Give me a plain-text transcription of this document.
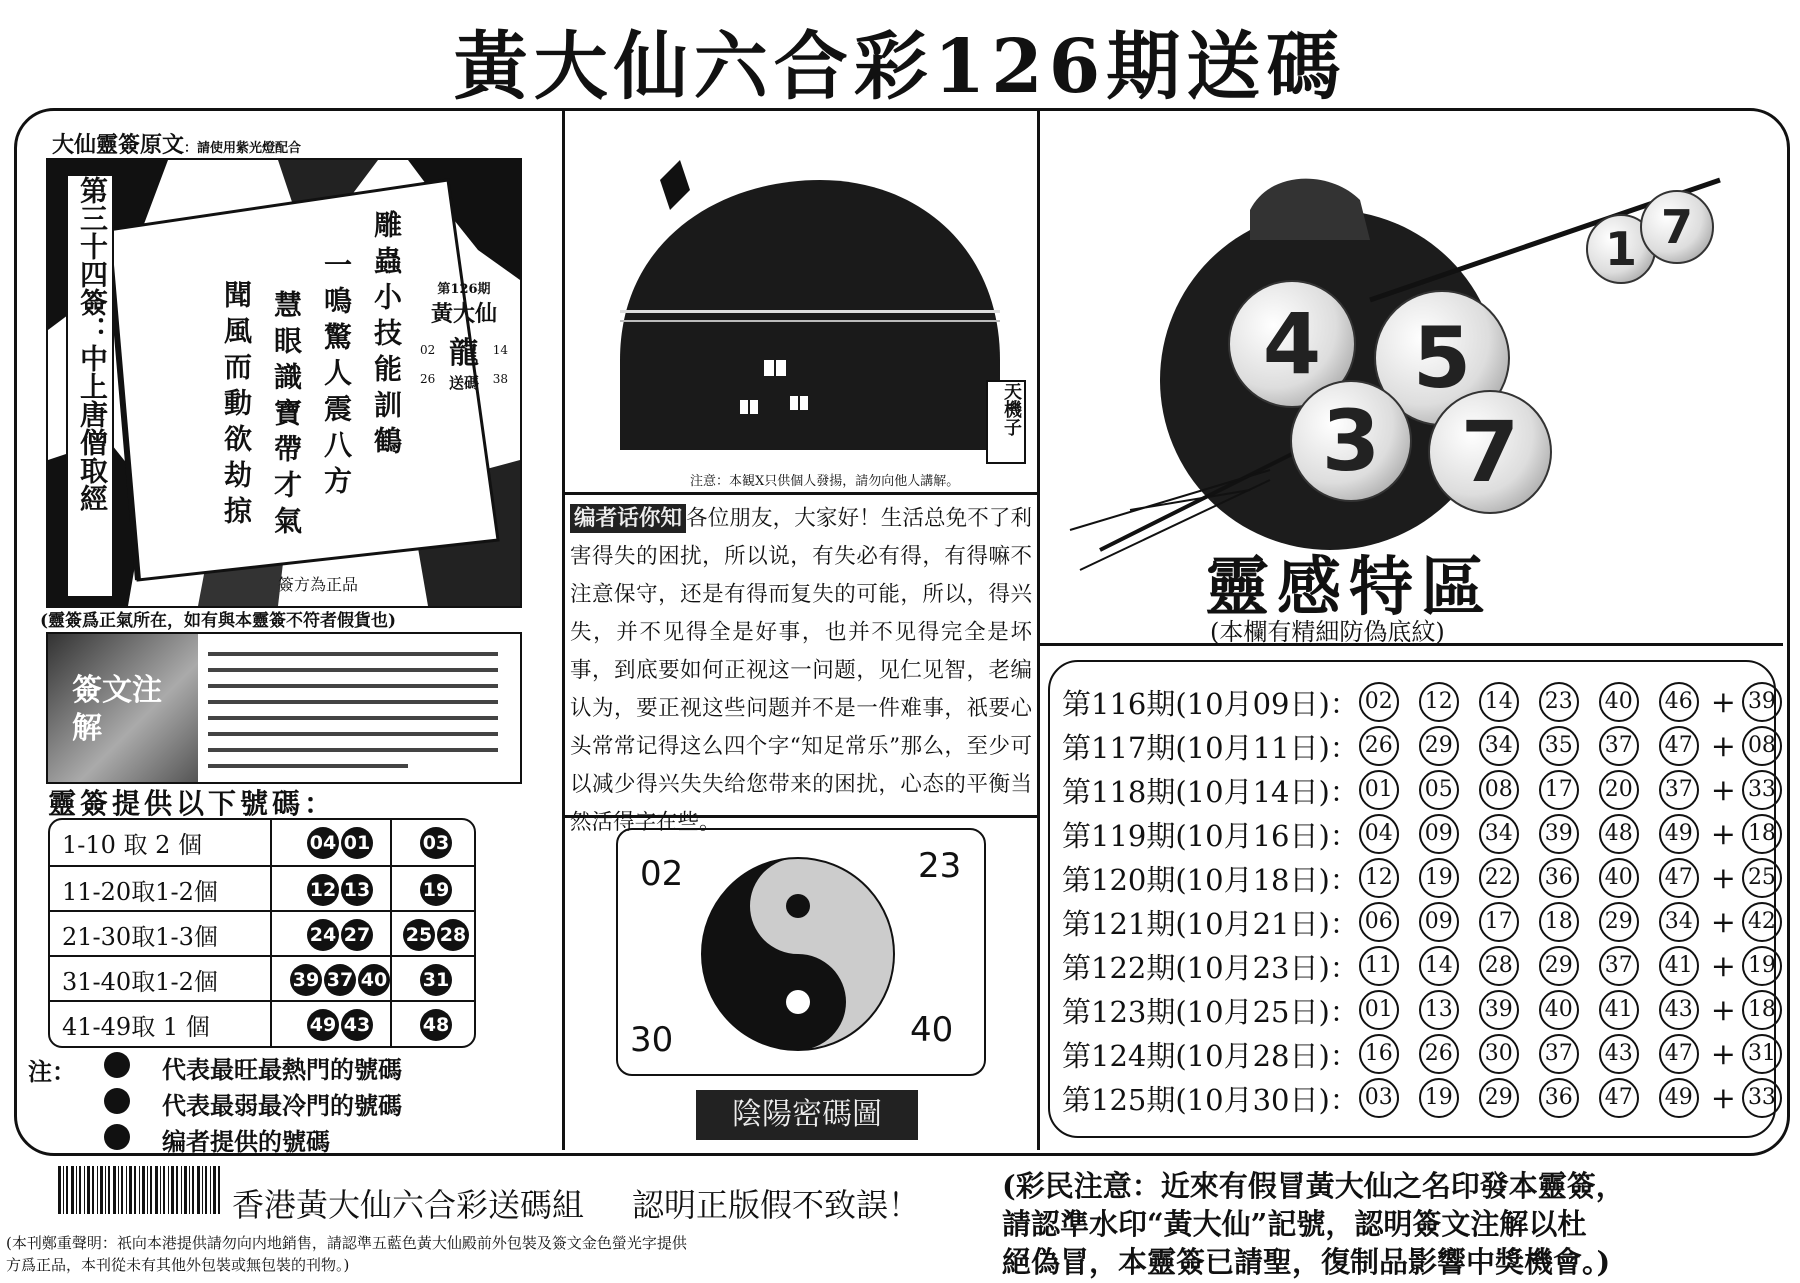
黃大仙六合彩126期送碼
大仙靈簽原文：請使用紫光燈配合
第三十四簽：中上唐僧取經	雕蟲小技能訓鶴
一鳴驚人震八方
慧眼識寶帶才氣
聞風而動欲劫掠	第126期
黃大仙
02 龍 14
26 送碼 38
簽方為正品
(靈簽爲正氣所在，如有與本靈簽不符者假貨也)
簽文注解
靈簽提供以下號碼：
1-10 取 2 個	04 01	03
11-20取1-2個	12 13	19
21-30取1-3個	24 27	25 28
31-40取1-2個	39 37 40	31
41-49取 1 個	49 43	48
注：	代表最旺最熱門的號碼
代表最弱最冷門的號碼
编者提供的號碼
天機子
注意：本観Ⅹ只供個人發揚，請勿向他人講解。
编者话你知 各位朋友，大家好！生活总免不了利害得失的困扰，所以说，有失必有得，有得嘛不注意保守，还是有得而复失的可能，所以，得兴失，并不见得全是好事，也并不见得完全是坏事，到底要如何正视这一问题，见仁见智，老编认为，要正视这些问题并不是一件难事，祇要心头常常记得这么四个字“知足常乐”那么，至少可以减少得兴失失给您带来的困扰，心态的平衡当然活得字在些。
02	23
30	40
陰陽密碼圖
4	5
3 7
1 7
靈感特區
(本欄有精細防偽底紋)
第116期(10月09日)： 02 12 14 23 40 46 + 39
第117期(10月11日)： 26 29 34 35 37 47 + 08
第118期(10月14日)： 01 05 08 17 20 37 + 33
第119期(10月16日)： 04 09 34 39 48 49 + 18
第120期(10月18日)： 12 19 22 36 40 47 + 25
第121期(10月21日)： 06 09 17 18 29 34 + 42
第122期(10月23日)： 11 14 28 29 37 41 + 19
第123期(10月25日)： 01 13 39 40 41 43 + 18
第124期(10月28日)： 16 26 30 37 43 47 + 31
第125期(10月30日)： 03 19 29 36 47 49 + 33
香港黃大仙六合彩送碼組 認明正版假不致誤！
(本刊鄭重聲明：祇向本港提供請勿向内地銷售，請認準五藍色黃大仙殿前外包裝及簽文金色螢光字提供
方爲正品，本刊從未有其他外包裝或無包裝的刊物。)
(彩民注意：近來有假冒黃大仙之名印發本靈簽，
請認準水印“黃大仙”記號，認明簽文注解以杜
絕偽冒，本靈簽已請聖，復制品影響中獎機會。)
